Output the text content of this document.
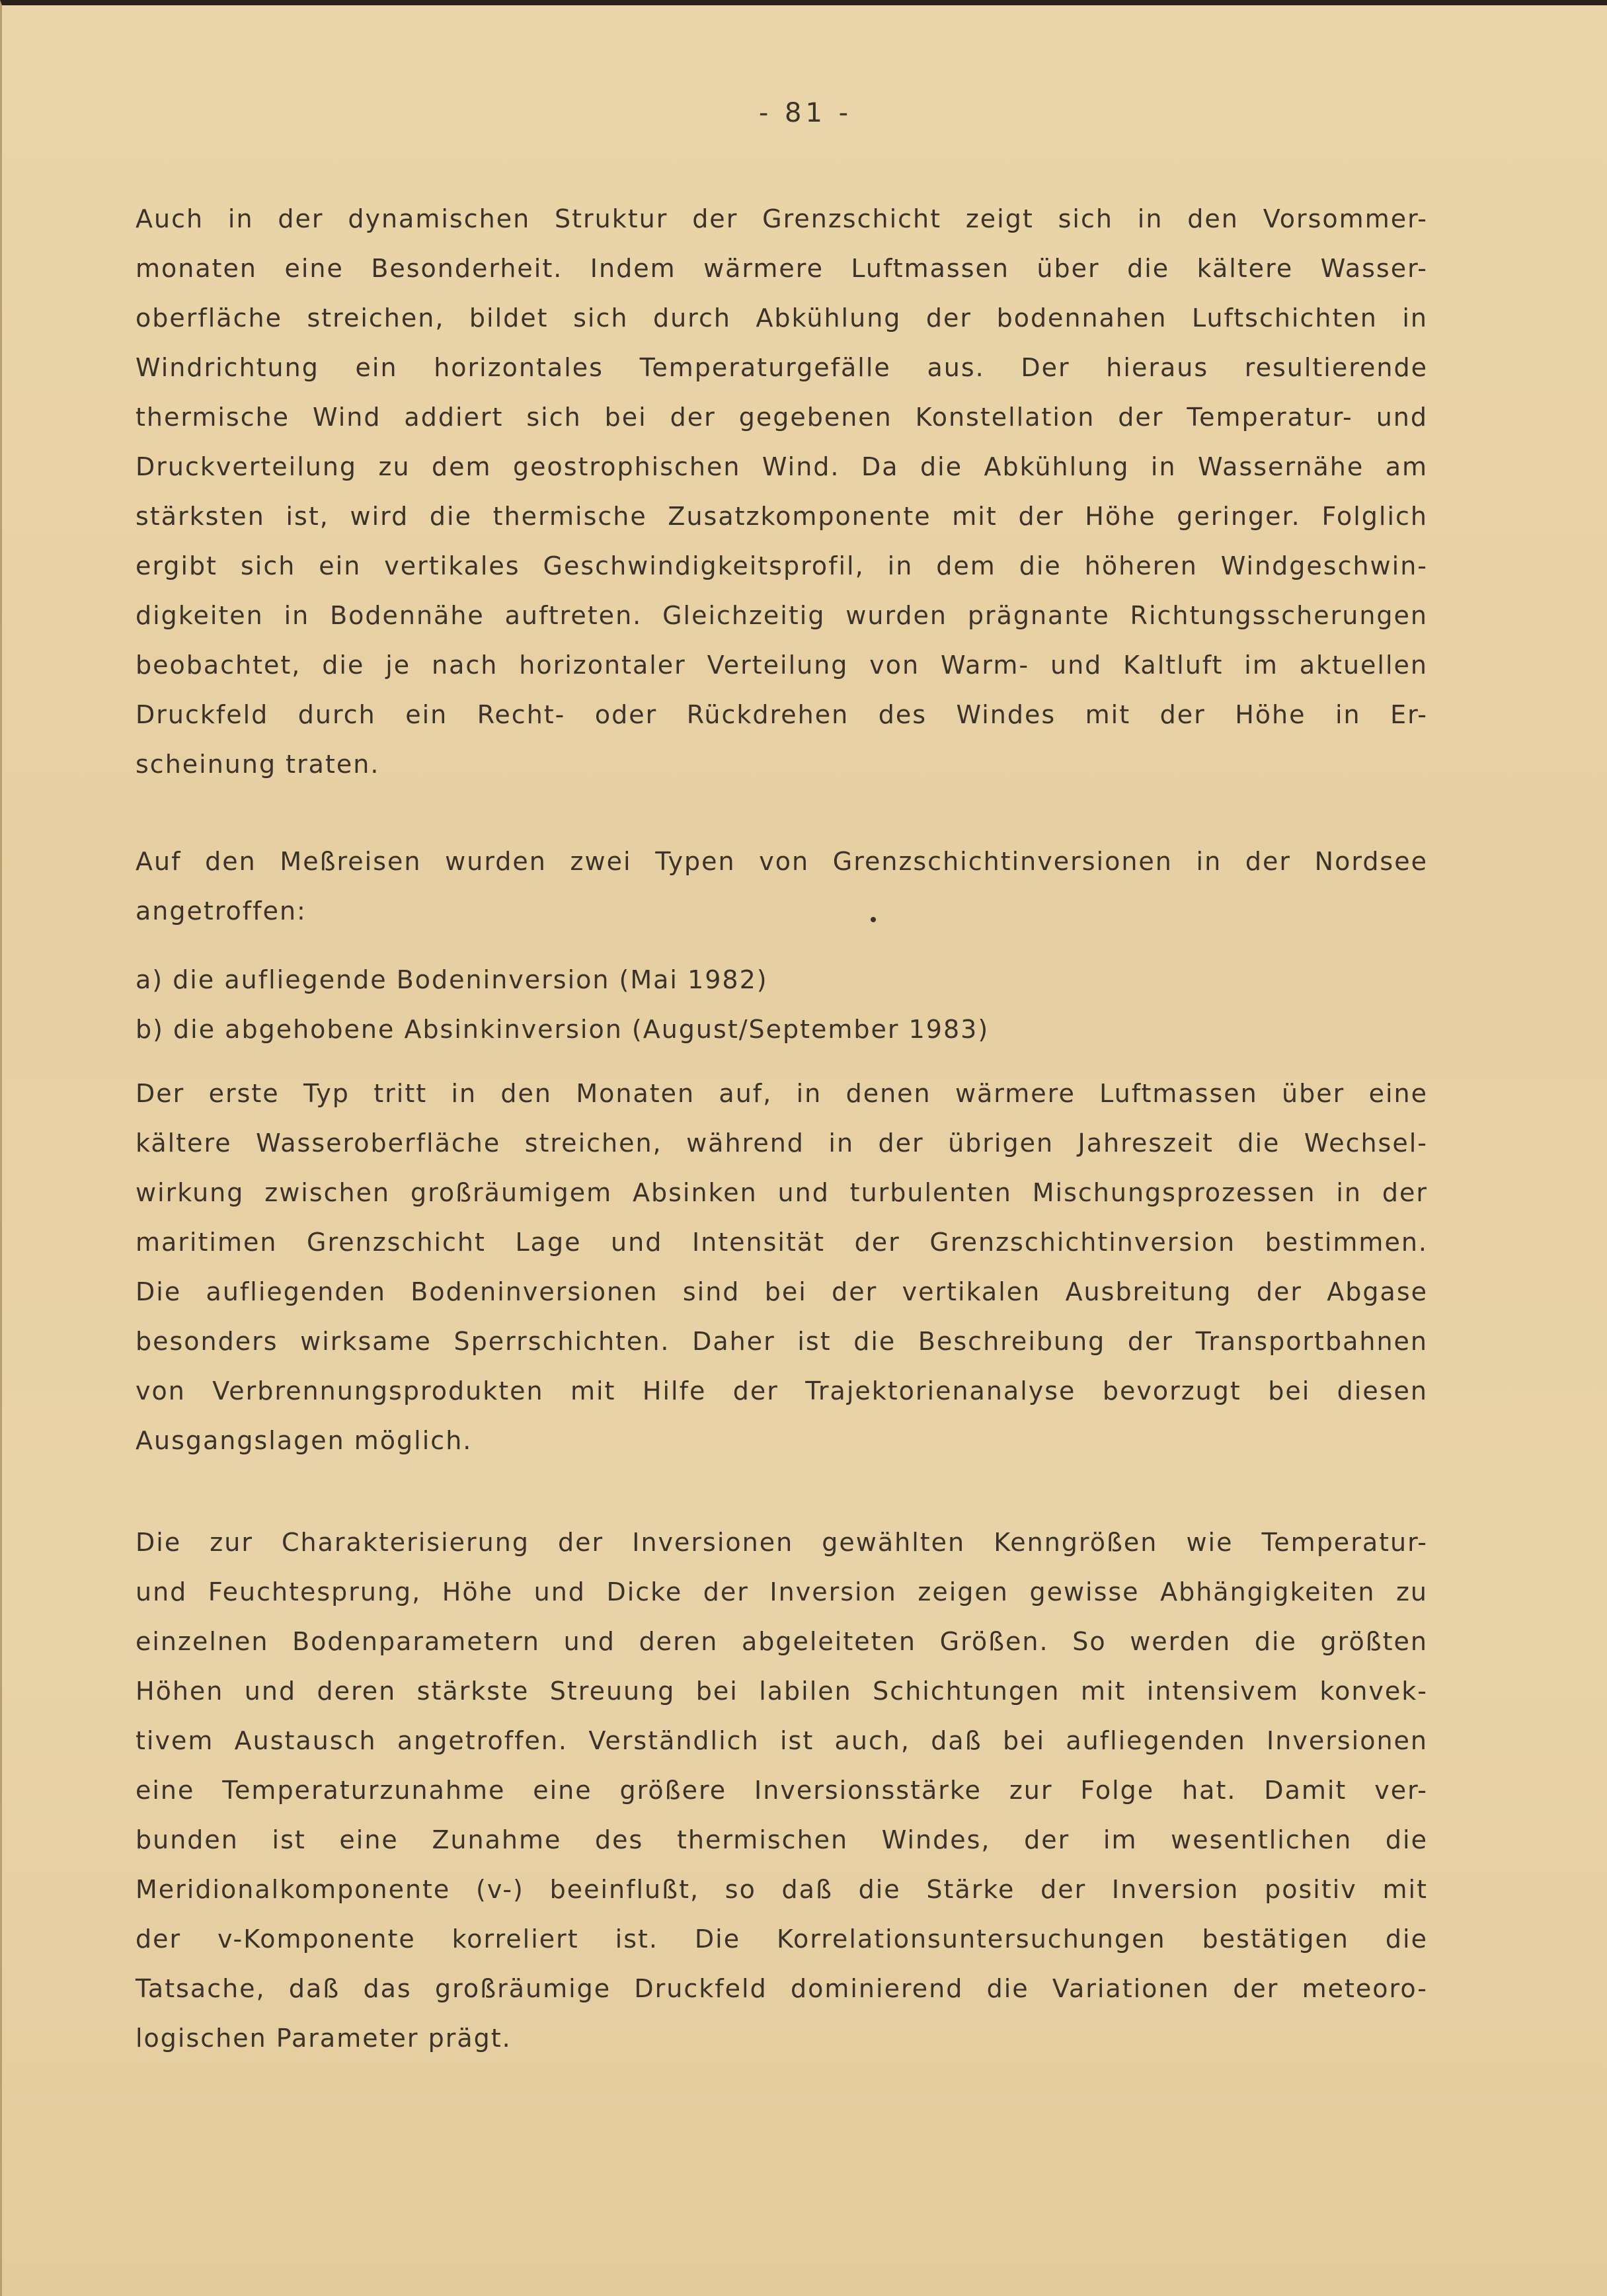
- 81 -
Auch in der dynamischen Struktur der Grenzschicht zeigt sich in den Vorsommer-
monaten eine Besonderheit. Indem wärmere Luftmassen über die kältere Wasser-
oberfläche streichen, bildet sich durch Abkühlung der bodennahen Luftschichten in
Windrichtung ein horizontales Temperaturgefälle aus. Der hieraus resultierende
thermische Wind addiert sich bei der gegebenen Konstellation der Temperatur- und
Druckverteilung zu dem geostrophischen Wind. Da die Abkühlung in Wassernähe am
stärksten ist, wird die thermische Zusatzkomponente mit der Höhe geringer. Folglich
ergibt sich ein vertikales Geschwindigkeitsprofil, in dem die höheren Windgeschwin-
digkeiten in Bodennähe auftreten. Gleichzeitig wurden prägnante Richtungsscherungen
beobachtet, die je nach horizontaler Verteilung von Warm- und Kaltluft im aktuellen
Druckfeld durch ein Recht- oder Rückdrehen des Windes mit der Höhe in Er-
scheinung traten.
Auf den Meßreisen wurden zwei Typen von Grenzschichtinversionen in der Nordsee
angetroffen:
a) die aufliegende Bodeninversion (Mai 1982)
b) die abgehobene Absinkinversion (August/September 1983)
Der erste Typ tritt in den Monaten auf, in denen wärmere Luftmassen über eine
kältere Wasseroberfläche streichen, während in der übrigen Jahreszeit die Wechsel-
wirkung zwischen großräumigem Absinken und turbulenten Mischungsprozessen in der
maritimen Grenzschicht Lage und Intensität der Grenzschichtinversion bestimmen.
Die aufliegenden Bodeninversionen sind bei der vertikalen Ausbreitung der Abgase
besonders wirksame Sperrschichten. Daher ist die Beschreibung der Transportbahnen
von Verbrennungsprodukten mit Hilfe der Trajektorienanalyse bevorzugt bei diesen
Ausgangslagen möglich.
Die zur Charakterisierung der Inversionen gewählten Kenngrößen wie Temperatur-
und Feuchtesprung, Höhe und Dicke der Inversion zeigen gewisse Abhängigkeiten zu
einzelnen Bodenparametern und deren abgeleiteten Größen. So werden die größten
Höhen und deren stärkste Streuung bei labilen Schichtungen mit intensivem konvek-
tivem Austausch angetroffen. Verständlich ist auch, daß bei aufliegenden Inversionen
eine Temperaturzunahme eine größere Inversionsstärke zur Folge hat. Damit ver-
bunden ist eine Zunahme des thermischen Windes, der im wesentlichen die
Meridionalkomponente (v-) beeinflußt, so daß die Stärke der Inversion positiv mit
der v-Komponente korreliert ist. Die Korrelationsuntersuchungen bestätigen die
Tatsache, daß das großräumige Druckfeld dominierend die Variationen der meteoro-
logischen Parameter prägt.
